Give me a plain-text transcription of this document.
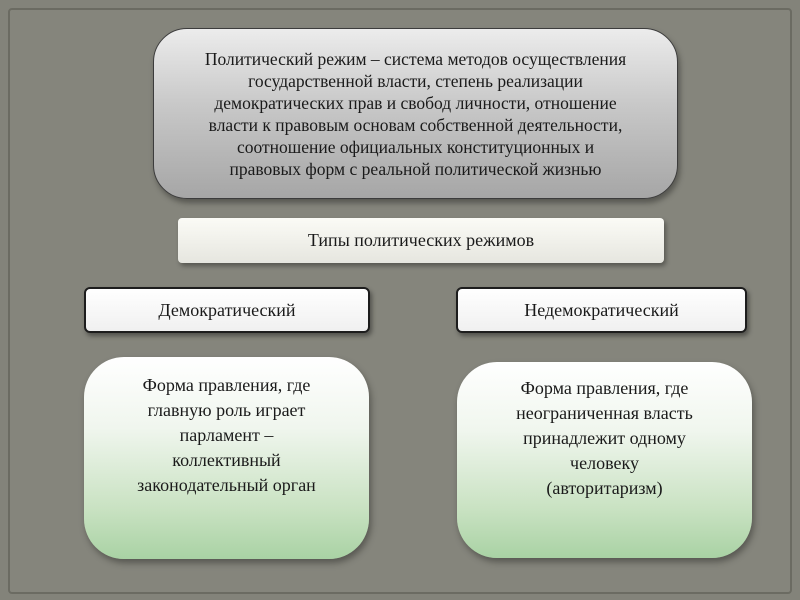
Политический режим – система методов осуществления
государственной власти, степень реализации
демократических прав и свобод личности, отношение
власти к правовым основам собственной деятельности,
соотношение официальных конституционных и
правовых форм с реальной политической жизнью
Типы политических режимов
Демократический	Недемократический
Форма правления, где
главную роль играет
парламент –
коллективный
законодательный орган
Форма правления, где
неограниченная власть
принадлежит одному
человеку
(авторитаризм)
